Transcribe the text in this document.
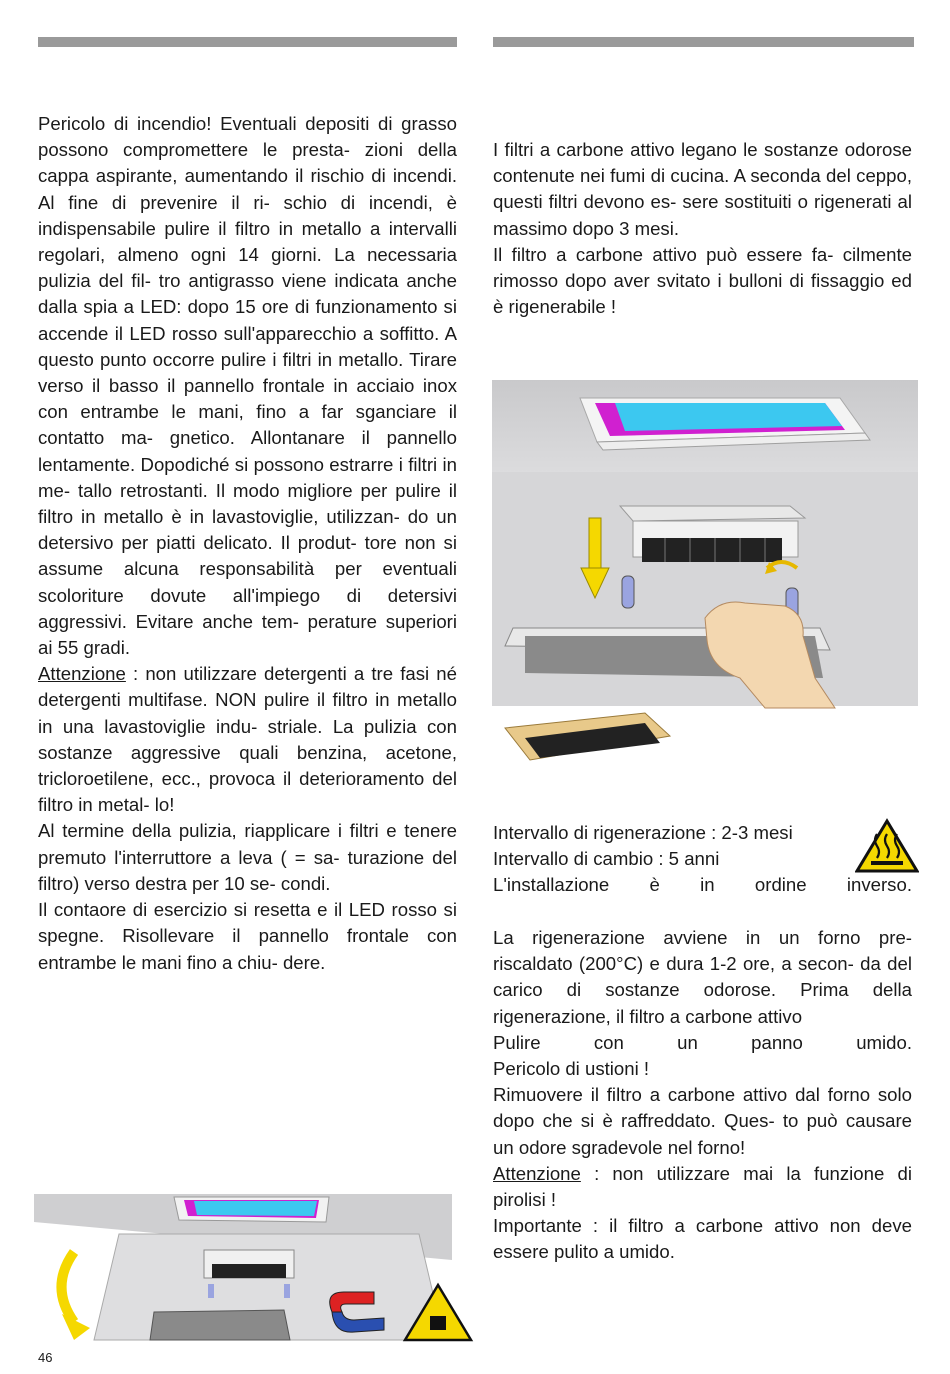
Pericolo di incendio! Eventuali depositi di grasso possono compromettere le presta- zioni della cappa aspirante, aumentando il rischio di incendi. Al fine di prevenire il ri- schio di incendi, è indispensabile pulire il filtro in metallo a intervalli regolari, almeno ogni 14 giorni. La necessaria pulizia del fil- tro antigrasso viene indicata anche dalla spia a LED: dopo 15 ore di funzionamento si accende il LED rosso sull'apparecchio a soffitto. A questo punto occorre pulire i filtri in metallo. Tirare verso il basso il pannello frontale in acciaio inox con entrambe le mani, fino a far sganciare il contatto ma- gnetico. Allontanare il pannello lentamente. Dopodiché si possono estrarre i filtri in me- tallo retrostanti. Il modo migliore per pulire il filtro in metallo è in lavastoviglie, utilizzan- do un detersivo per piatti delicato. Il produt- tore non si assume alcuna responsabilità per eventuali scoloriture dovute all'impiego di detersivi aggressivi. Evitare anche tem- perature superiori ai 55 gradi.

Attenzione : non utilizzare detergenti a tre fasi né detergenti multifase. NON pulire il filtro in metallo in una lavastoviglie indu- striale. La pulizia con sostanze aggressive quali benzina, acetone, tricloroetilene, ecc., provoca il deterioramento del filtro in metal- lo!

Al termine della pulizia, riapplicare i filtri e tenere premuto l'interruttore a leva ( = sa- turazione del filtro) verso destra per 10 se- condi.

Il contaore di esercizio si resetta e il LED rosso si spegne. Risollevare il pannello frontale con entrambe le mani fino a chiu- dere.

I filtri a carbone attivo legano le sostanze odorose contenute nei fumi di cucina. A seconda del ceppo, questi filtri devono es- sere sostituiti o rigenerati al massimo dopo 3 mesi.

Il filtro a carbone attivo può essere fa- cilmente rimosso dopo aver svitato i bulloni di fissaggio ed è rigenerabile !

Intervallo di rigenerazione : 2-3 mesi
Intervallo di cambio : 5 anni

L'installazione è in ordine inverso.

La rigenerazione avviene in un forno pre- riscaldato (200°C) e dura 1-2 ore, a secon- da del carico di sostanze odorose. Prima della rigenerazione, il filtro a carbone attivo

Pulire	con	un	panno	umido.

Pericolo di ustioni !

Rimuovere il filtro a carbone attivo dal forno solo dopo che si è raffreddato. Ques- to può causare un odore sgradevole nel forno!

Attenzione : non utilizzare mai la funzione di pirolisi !

Importante : il filtro a carbone attivo non deve essere pulito a umido.

46
